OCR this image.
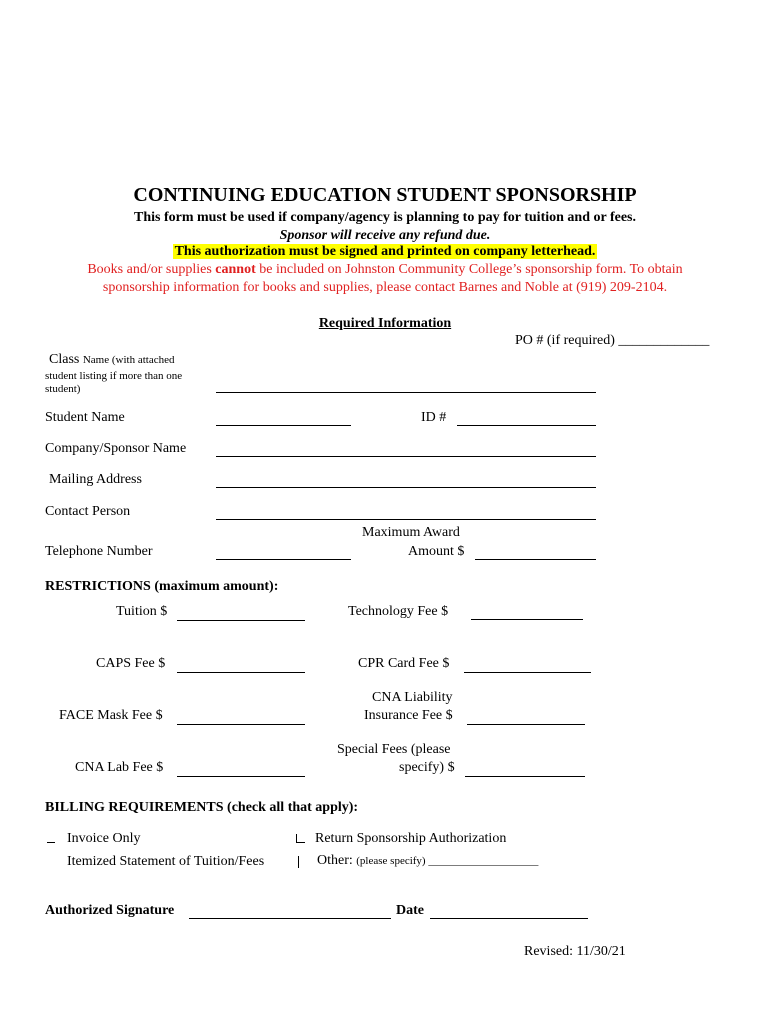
CONTINUING EDUCATION STUDENT SPONSORSHIP
This form must be used if company/agency is planning to pay for tuition and or fees.
Sponsor will receive any refund due.
This authorization must be signed and printed on company letterhead.
Books and/or supplies cannot be included on Johnston Community College’s sponsorship form. To obtain
sponsorship information for books and supplies, please contact Barnes and Noble at (919) 209-2104.
Required Information
PO # (if required) _____________
Class Name (with attached
student listing if more than one
student)
Student Name	ID #
Company/Sponsor Name
Mailing Address
Contact Person
Maximum Award
Telephone Number	Amount $
RESTRICTIONS (maximum amount):
Tuition $	Technology Fee $
CAPS Fee $	CPR Card Fee $
CNA Liability
FACE Mask Fee $	Insurance Fee $
Special Fees (please
CNA Lab Fee $	specify) $
BILLING REQUIREMENTS (check all that apply):
Invoice Only	Return Sponsorship Authorization
Itemized Statement of Tuition/Fees	Other: (please specify) ____________________
Authorized Signature	Date
Revised: 11/30/21
